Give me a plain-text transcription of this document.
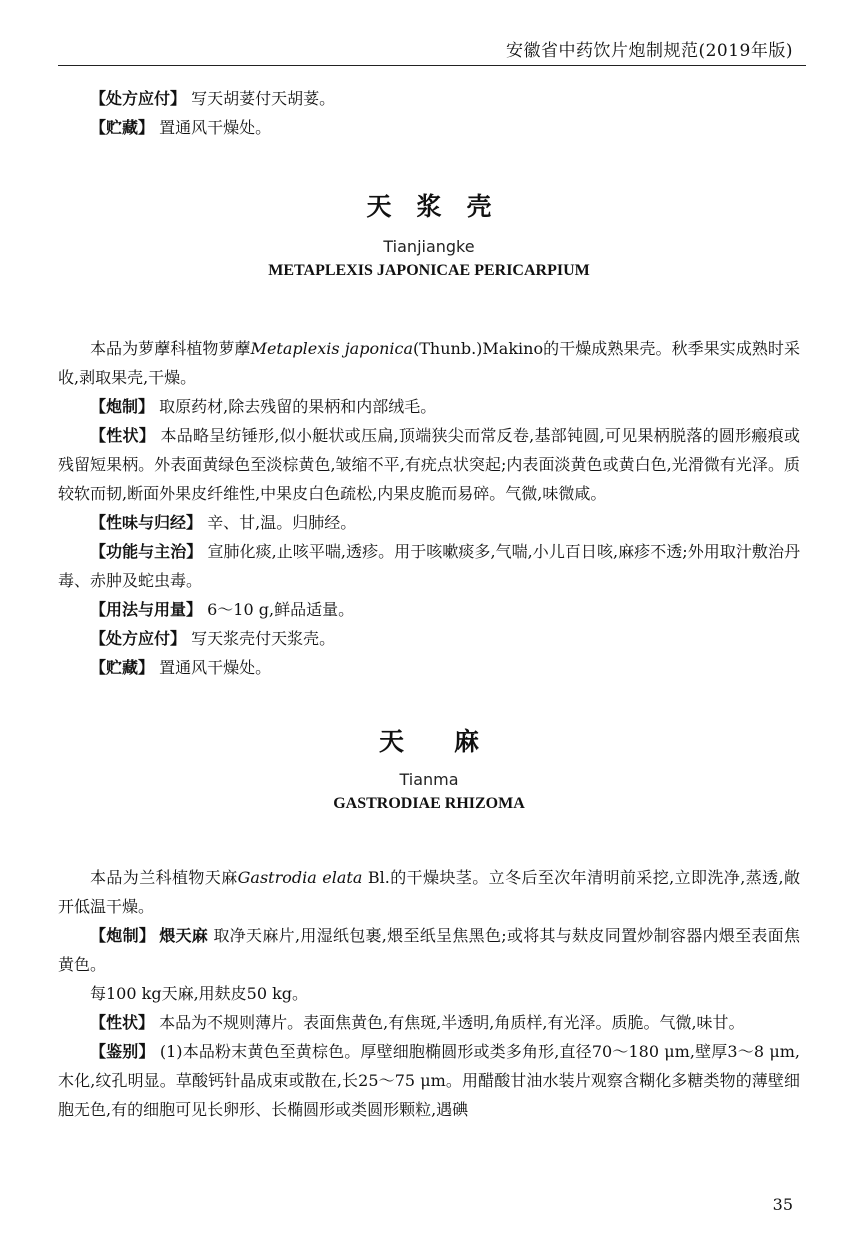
安徽省中药饮片炮制规范(2019年版)

【处方应付】 写天胡荽付天胡荽。

【贮藏】 置通风干燥处。

天　浆　壳
Tianjiangke
METAPLEXIS JAPONICAE PERICARPIUM

本品为萝藦科植物萝藦Metaplexis japonica(Thunb.)Makino的干燥成熟果壳。秋季果实成熟时采收,剥取果壳,干燥。

【炮制】 取原药材,除去残留的果柄和内部绒毛。

【性状】 本品略呈纺锤形,似小艇状或压扁,顶端狭尖而常反卷,基部钝圆,可见果柄脱落的圆形瘢痕或残留短果柄。外表面黄绿色至淡棕黄色,皱缩不平,有疣点状突起;内表面淡黄色或黄白色,光滑微有光泽。质较软而韧,断面外果皮纤维性,中果皮白色疏松,内果皮脆而易碎。气微,味微咸。

【性味与归经】 辛、甘,温。归肺经。

【功能与主治】 宣肺化痰,止咳平喘,透疹。用于咳嗽痰多,气喘,小儿百日咳,麻疹不透;外用取汁敷治丹毒、赤肿及蛇虫毒。

【用法与用量】 6～10 g,鲜品适量。

【处方应付】 写天浆壳付天浆壳。

【贮藏】 置通风干燥处。

天　　麻
Tianma
GASTRODIAE RHIZOMA

本品为兰科植物天麻Gastrodia elata Bl.的干燥块茎。立冬后至次年清明前采挖,立即洗净,蒸透,敞开低温干燥。

【炮制】 煨天麻 取净天麻片,用湿纸包裹,煨至纸呈焦黑色;或将其与麸皮同置炒制容器内煨至表面焦黄色。

每100 kg天麻,用麸皮50 kg。

【性状】 本品为不规则薄片。表面焦黄色,有焦斑,半透明,角质样,有光泽。质脆。气微,味甘。

【鉴别】 (1)本品粉末黄色至黄棕色。厚壁细胞椭圆形或类多角形,直径70～180 μm,壁厚3～8 μm,木化,纹孔明显。草酸钙针晶成束或散在,长25～75 μm。用醋酸甘油水装片观察含糊化多糖类物的薄壁细胞无色,有的细胞可见长卵形、长椭圆形或类圆形颗粒,遇碘

35
